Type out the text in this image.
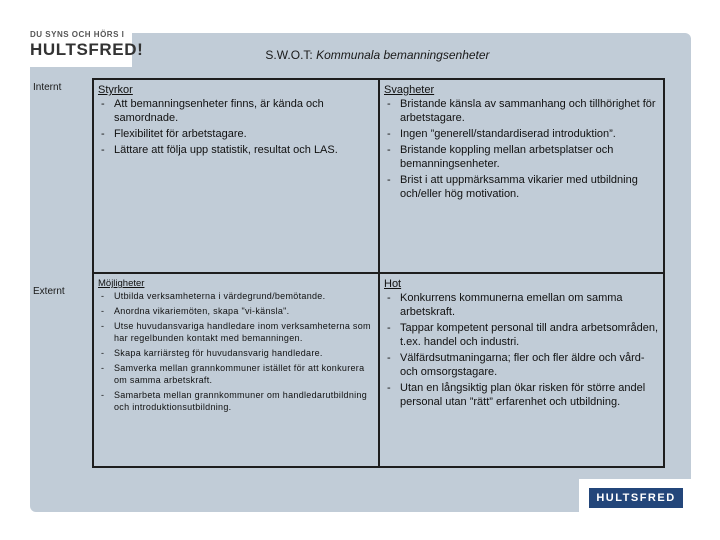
DU SYNS OCH HÖRS I
HULTSFRED!	S.W.O.T: Kommunala bemanningsenheter
Internt
Externt
Styrkor
- Att bemanningsenheter finns, är kända och samordnade.
- Flexibilitet för arbetstagare.
- Lättare att följa upp statistik, resultat och LAS.
Svagheter
- Bristande känsla av sammanhang och tillhörighet för arbetstagare.
- Ingen ”generell/standardiserad introduktion”.
- Bristande koppling mellan arbetsplatser och bemanningsenheter.
- Brist i att uppmärksamma vikarier med utbildning och/eller hög motivation.
Möjligheter
- Utbilda verksamheterna i värdegrund/bemötande.
- Anordna vikariemöten, skapa "vi-känsla".
- Utse huvudansvariga handledare inom verksamheterna som har regelbunden kontakt med bemanningen.
- Skapa karriärsteg för huvudansvarig handledare.
- Samverka mellan grannkommuner istället för att konkurera om samma arbetskraft.
- Samarbeta mellan grannkommuner om handledarutbildning och introduktionsutbildning.
Hot
- Konkurrens kommunerna emellan om samma arbetskraft.
- Tappar kompetent personal till andra arbetsområden, t.ex. handel och industri.
- Välfärdsutmaningarna; fler och fler äldre och vård- och omsorgstagare.
- Utan en långsiktig plan ökar risken för större andel personal utan ”rätt” erfarenhet och utbildning.
HULTSFRED
